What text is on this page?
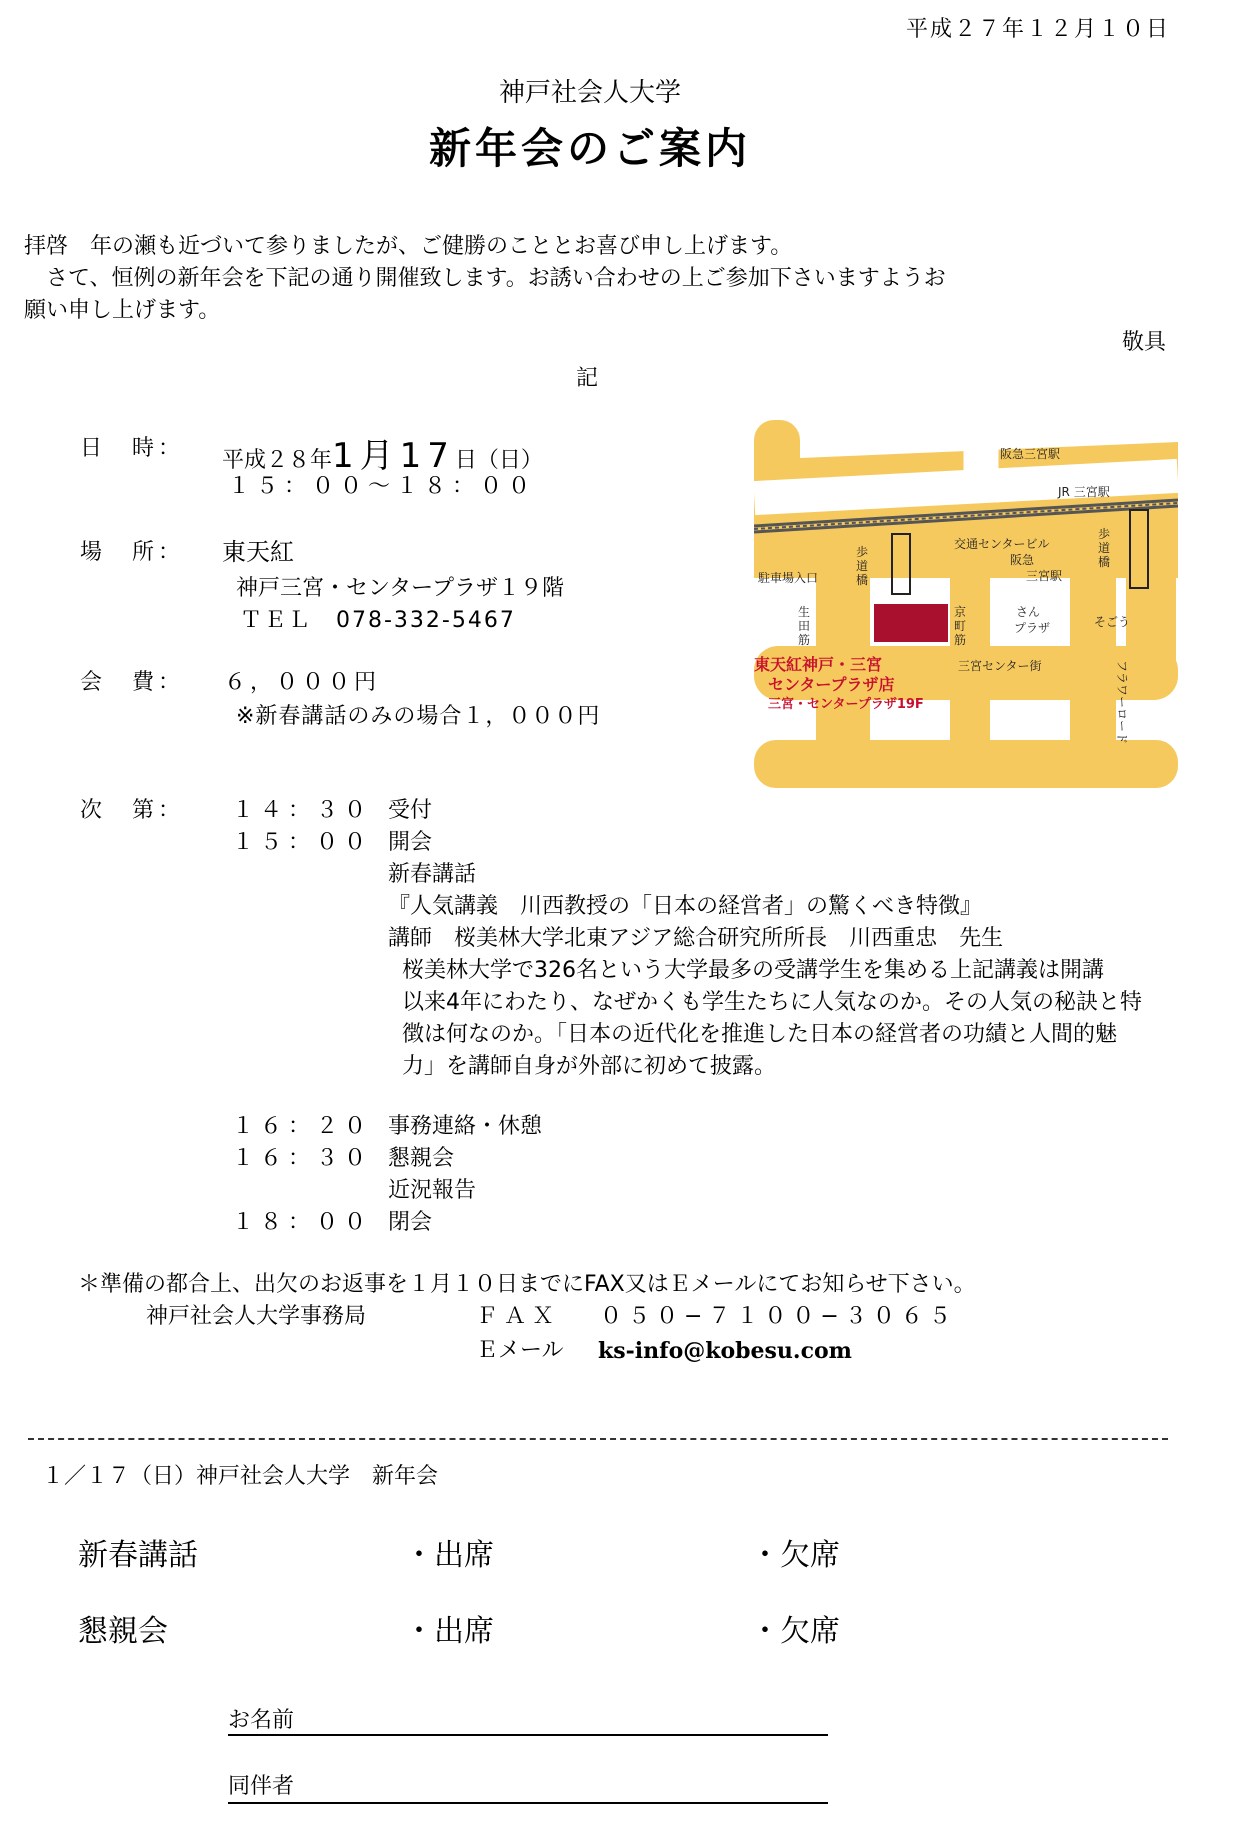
平成２７年１２月１０日
神戸社会人大学
新年会のご案内
拝啓　年の瀬も近づいて参りましたが、ご健勝のこととお喜び申し上げます。
　さて、恒例の新年会を下記の通り開催致します。お誘い合わせの上ご参加下さいますようお
願い申し上げます。
敬具
記
日　時： 平成２８年1月17日（日）
１５：００〜１８：００
場　所： 東天紅
神戸三宮・センタープラザ１９階
ＴＥＬ　078-332-5467
会　費： ６，０００円
※新春講話のみの場合１，０００円
阪急三宮駅
JR 三宮駅
交通センタービル
阪急
三宮駅
駐車場入口
歩
道
橋
歩
道
橋
生
田
筋
京
町
筋
さん
プラザ	そごう
三宮センター街	フラワーロード
東天紅神戸・三宮
センタープラザ店
三宮・センタープラザ19F
次　第： １４：３０ 受付
１５：００ 開会
新春講話
『人気講義　川西教授の「日本の経営者」の驚くべき特徴』
講師　桜美林大学北東アジア総合研究所所長　川西重忠　先生
桜美林大学で326名という大学最多の受講学生を集める上記講義は開講
以来4年にわたり、なぜかくも学生たちに人気なのか。その人気の秘訣と特
徴は何なのか。「日本の近代化を推進した日本の経営者の功績と人間的魅
力」を講師自身が外部に初めて披露。
１６：２０ 事務連絡・休憩
１６：３０ 懇親会
近況報告
１８：００ 閉会
＊準備の都合上、出欠のお返事を１月１０日までにFAX又はＥメールにてお知らせ下さい。
神戸社会人大学事務局	ＦＡＸ ０５０−７１００−３０６５
Ｅメール ks-info@kobesu.com
１／１７（日）神戸社会人大学　新年会
新春講話	・出席	・欠席
懇親会	・出席	・欠席
お名前
同伴者
